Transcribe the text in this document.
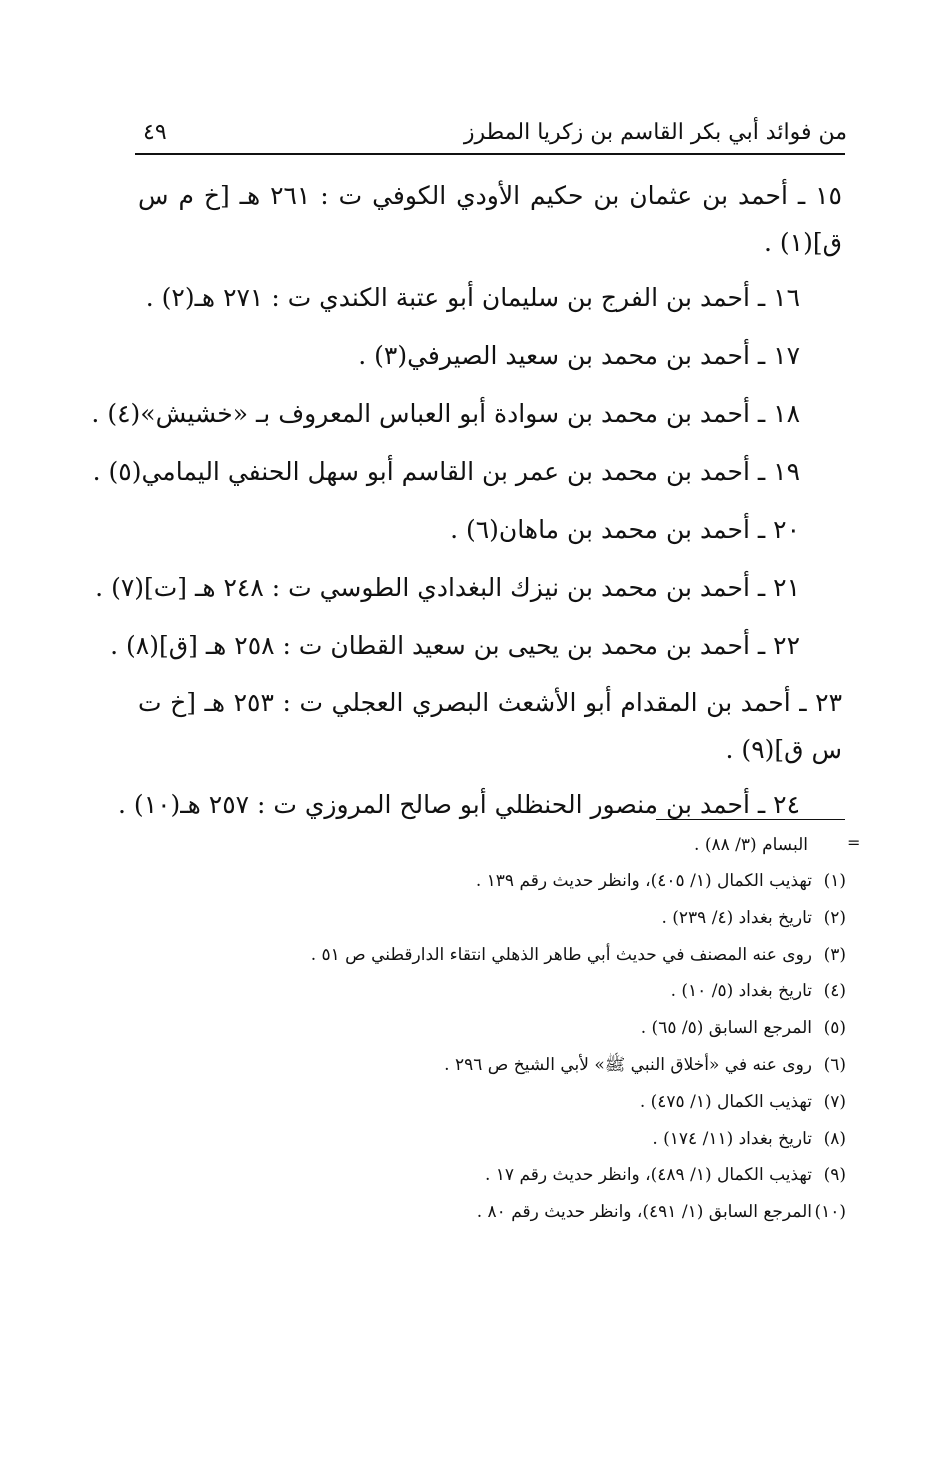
من فوائد أبي بكر القاسم بن زكريا المطرز
٤٩

١٥ ـ أحمد بن عثمان بن حكيم الأودي الكوفي ت : ٢٦١ هـ [خ م س ق](١) .

١٦ ـ أحمد بن الفرج بن سليمان أبو عتبة الكندي ت : ٢٧١ هـ(٢) .

١٧ ـ أحمد بن محمد بن سعيد الصيرفي(٣) .

١٨ ـ أحمد بن محمد بن سوادة أبو العباس المعروف بـ «خشيش»(٤) .

١٩ ـ أحمد بن محمد بن عمر بن القاسم أبو سهل الحنفي اليمامي(٥) .

٢٠ ـ أحمد بن محمد بن ماهان(٦) .

٢١ ـ أحمد بن محمد بن نيزك البغدادي الطوسي ت : ٢٤٨ هـ [ت](٧) .

٢٢ ـ أحمد بن محمد بن يحيى بن سعيد القطان ت : ٢٥٨ هـ [ق](٨) .

٢٣ ـ أحمد بن المقدام أبو الأشعث البصري العجلي ت : ٢٥٣ هـ [خ ت س ق](٩) .

٢٤ ـ أحمد بن منصور الحنظلي أبو صالح المروزي ت : ٢٥٧ هـ(١٠) .

=
البسام (٣/ ٨٨) .
(١)تهذيب الكمال (١/ ٤٠٥)، وانظر حديث رقم ١٣٩ .
(٢)تاريخ بغداد (٤/ ٢٣٩) .
(٣)روى عنه المصنف في حديث أبي طاهر الذهلي انتقاء الدارقطني ص ٥١ .
(٤)تاريخ بغداد (٥/ ١٠) .
(٥)المرجع السابق (٥/ ٦٥) .
(٦)روى عنه في «أخلاق النبي ﷺ» لأبي الشيخ ص ٢٩٦ .
(٧)تهذيب الكمال (١/ ٤٧٥) .
(٨)تاريخ بغداد (١١/ ١٧٤) .
(٩)تهذيب الكمال (١/ ٤٨٩)، وانظر حديث رقم ١٧ .
(١٠)المرجع السابق (١/ ٤٩١)، وانظر حديث رقم ٨٠ .
